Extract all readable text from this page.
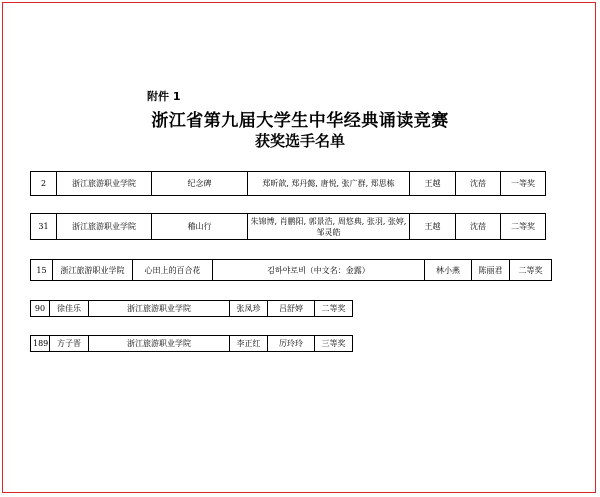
附件 1
浙江省第九届大学生中华经典诵读竞赛
获奖选手名单
2	浙江旅游职业学院	纪念碑	郑昕歆, 郑丹懿, 唐悦, 张广群, 郑思栋	王越	沈蓓	一等奖
31	浙江旅游职业学院	稽山行	朱锦博, 肖鹏阳, 郭景浩, 周悠典, 张羽, 张婷, 邹灵皓	王越	沈蓓	二等奖
15	浙江旅游职业学院	心田上的百合花	김하야로비（中文名：金露）	林小燕	陈丽君	二等奖
90	徐佳乐	浙江旅游职业学院	张凤珍	吕舒婷	二等奖
189	方子晋	浙江旅游职业学院	李正红	厉玲玲	三等奖
